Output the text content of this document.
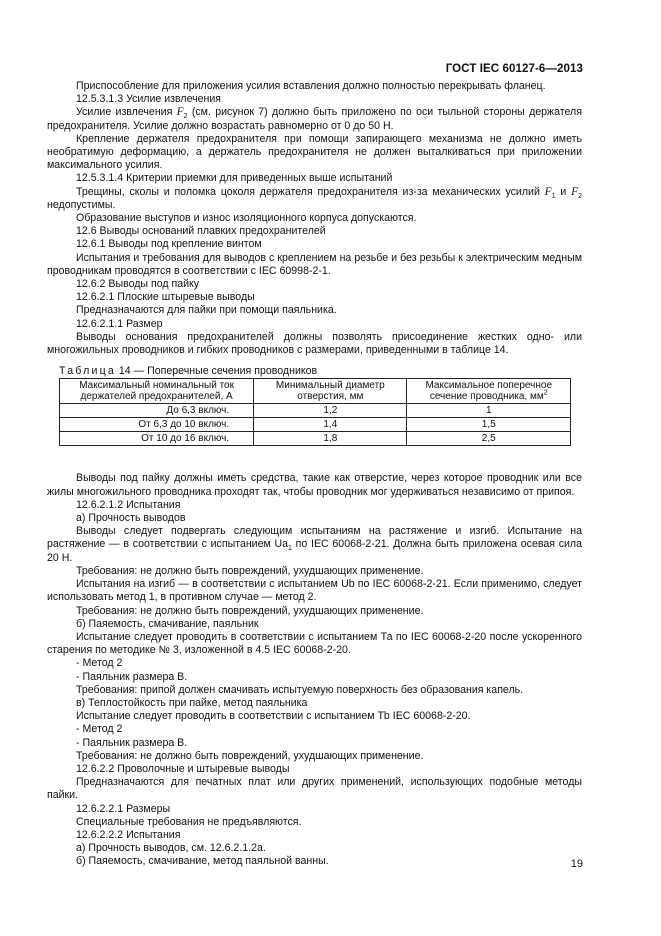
ГОСТ IEC 60127-6—2013

Приспособление для приложения усилия вставления должно полностью перекрывать фланец.

12.5.3.1.3 Усилие извлечения

Усилие извлечения $F_2$ (см. рисунок 7) должно быть приложено по оси тыльной стороны держателя предохранителя. Усилие должно возрастать равномерно от 0 до 50 Н.

Крепление держателя предохранителя при помощи запирающего механизма не должно иметь необратимую деформацию, а держатель предохранителя не должен выталкиваться при приложении максимального усилия.

12.5.3.1.4 Критерии приемки для приведенных выше испытаний

Трещины, сколы и поломка цоколя держателя предохранителя из-за механических усилий $F_1$ и $F_2$ недопустимы.

Образование выступов и износ изоляционного корпуса допускаются.

12.6 Выводы оснований плавких предохранителей

12.6.1 Выводы под крепление винтом

Испытания и требования для выводов с креплением на резьбе и без резьбы к электрическим медным проводникам проводятся в соответствии с IEC 60998-2-1.

12.6.2 Выводы под пайку

12.6.2.1 Плоские штыревые выводы

Предназначаются для пайки при помощи паяльника.

12.6.2.1.1 Размер

Выводы основания предохранителей должны позволять присоединение жестких одно- или многожильных проводников и гибких проводников с размерами, приведенными в таблице 14.

Таблица 14 — Поперечные сечения проводников
Максимальный номинальный ток держателей предохранителей, А	Минимальный диаметр отверстия, мм	Максимальное поперечное сечение проводника, $мм^2$
До 6,3 включ.	1,2	1
От 6,3 до 10 включ.	1,4	1,5
От 10 до 16 включ.	1,8	2,5

Выводы под пайку должны иметь средства, такие как отверстие, через которое проводник или все жилы многожильного проводника проходят так, чтобы проводник мог удерживаться независимо от припоя.

12.6.2.1.2 Испытания

а) Прочность выводов

Выводы следует подвергать следующим испытаниям на растяжение и изгиб. Испытание на растяжение — в соответствии с испытанием $Ua_1$ по IEC 60068-2-21. Должна быть приложена осевая сила 20 Н.

Требования: не должно быть повреждений, ухудшающих применение.

Испытания на изгиб — в соответствии с испытанием Ub по IEC 60068-2-21. Если применимо, следует использовать метод 1, в противном случае — метод 2.

Требования: не должно быть повреждений, ухудшающих применение.

б) Паяемость, смачивание, паяльник

Испытание следует проводить в соответствии с испытанием Та по IEC 60068-2-20 после ускоренного старения по методике № 3, изложенной в 4.5 IEC 60068-2-20.

- Метод 2

- Паяльник размера В.

Требования: припой должен смачивать испытуемую поверхность без образования капель.

в) Теплостойкость при пайке, метод паяльника

Испытание следует проводить в соответствии с испытанием Tb IEC 60068-2-20.

- Метод 2

- Паяльник размера В.

Требования: не должно быть повреждений, ухудшающих применение.

12.6.2.2 Проволочные и штыревые выводы

Предназначаются для печатных плат или других применений, использующих подобные методы пайки.

12.6.2.2.1 Размеры

Специальные требования не предъявляются.

12.6.2.2.2 Испытания

а) Прочность выводов, см. 12.6.2.1.2а.

б) Паяемость, смачивание, метод паяльной ванны.	19
